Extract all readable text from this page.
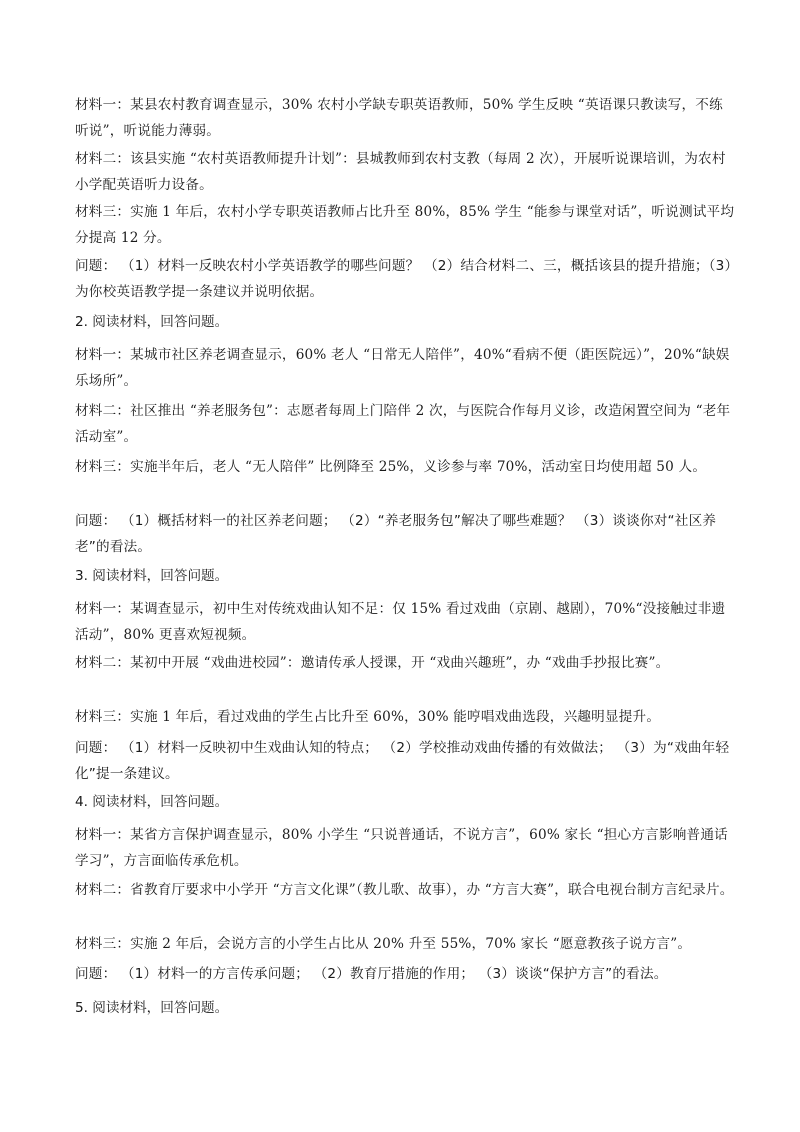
材料一：某县农村教育调查显示，30% 农村小学缺专职英语教师，50% 学生反映 “英语课只教读写，不练听说”，听说能力薄弱。

材料二：该县实施 “农村英语教师提升计划”：县城教师到农村支教（每周 2 次），开展听说课培训，为农村小学配英语听力设备。

材料三：实施 1 年后，农村小学专职英语教师占比升至 80%，85% 学生 “能参与课堂对话”，听说测试平均分提高 12 分。

问题： （1）材料一反映农村小学英语教学的哪些问题？ （2）结合材料二、三，概括该县的提升措施；（3）为你校英语教学提一条建议并说明依据。

2. 阅读材料，回答问题。

材料一：某城市社区养老调查显示，60% 老人 “日常无人陪伴”，40%“看病不便（距医院远）”，20%“缺娱乐场所”。

材料二：社区推出 “养老服务包”：志愿者每周上门陪伴 2 次，与医院合作每月义诊，改造闲置空间为 “老年活动室”。

材料三：实施半年后，老人 “无人陪伴” 比例降至 25%，义诊参与率 70%，活动室日均使用超 50 人。

问题： （1）概括材料一的社区养老问题； （2）“养老服务包”解决了哪些难题？ （3）谈谈你对“社区养老”的看法。

3. 阅读材料，回答问题。

材料一：某调查显示，初中生对传统戏曲认知不足：仅 15% 看过戏曲（京剧、越剧），70%“没接触过非遗活动”，80% 更喜欢短视频。

材料二：某初中开展 “戏曲进校园”：邀请传承人授课，开 “戏曲兴趣班”，办 “戏曲手抄报比赛”。

材料三：实施 1 年后，看过戏曲的学生占比升至 60%，30% 能哼唱戏曲选段，兴趣明显提升。

问题： （1）材料一反映初中生戏曲认知的特点； （2）学校推动戏曲传播的有效做法； （3）为“戏曲年轻化”提一条建议。

4. 阅读材料，回答问题。

材料一：某省方言保护调查显示，80% 小学生 “只说普通话，不说方言”，60% 家长 “担心方言影响普通话学习”，方言面临传承危机。

材料二：省教育厅要求中小学开 “方言文化课”（教儿歌、故事），办 “方言大赛”，联合电视台制方言纪录片。

材料三：实施 2 年后，会说方言的小学生占比从 20% 升至 55%，70% 家长 “愿意教孩子说方言”。

问题： （1）材料一的方言传承问题； （2）教育厅措施的作用； （3）谈谈“保护方言”的看法。

5. 阅读材料，回答问题。
